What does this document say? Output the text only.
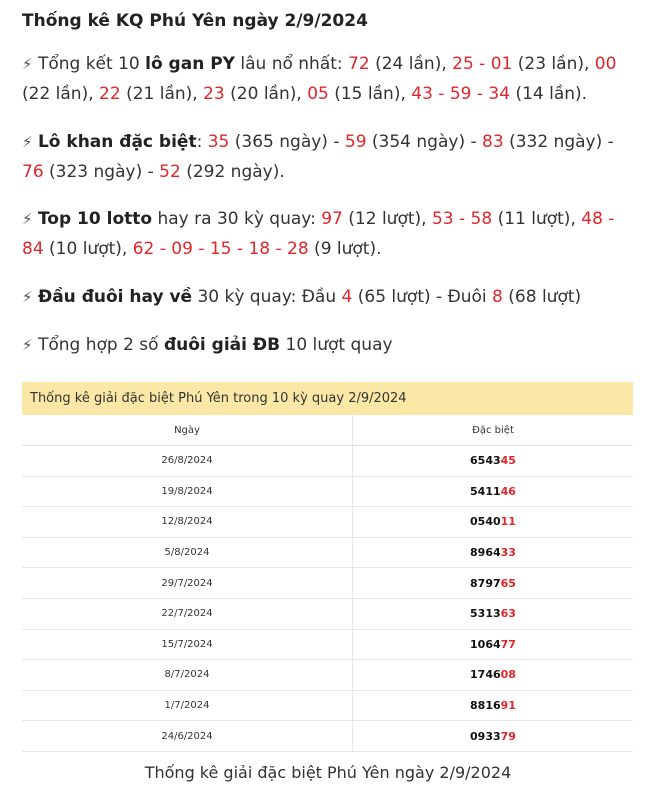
Thống kê KQ Phú Yên ngày 2/9/2024

⚡ Tổng kết 10 lô gan PY lâu nổ nhất: 72 (24 lần), 25 - 01 (23 lần), 00 (22 lần), 22 (21 lần), 23 (20 lần), 05 (15 lần), 43 - 59 - 34 (14 lần).

⚡ Lô khan đặc biệt: 35 (365 ngày) - 59 (354 ngày) - 83 (332 ngày) - 76 (323 ngày) - 52 (292 ngày).

⚡ Top 10 lotto hay ra 30 kỳ quay: 97 (12 lượt), 53 - 58 (11 lượt), 48 - 84 (10 lượt), 62 - 09 - 15 - 18 - 28 (9 lượt).

⚡ Đầu đuôi hay về 30 kỳ quay: Đầu 4 (65 lượt) - Đuôi 8 (68 lượt)

⚡ Tổng hợp 2 số đuôi giải ĐB 10 lượt quay

Thống kê giải đặc biệt Phú Yên trong 10 kỳ quay 2/9/2024
Ngày	Đặc biệt
26/8/2024	654345
19/8/2024	541146
12/8/2024	054011
5/8/2024	896433
29/7/2024	879765
22/7/2024	531363
15/7/2024	106477
8/7/2024	174608
1/7/2024	881691
24/6/2024	093379
Thống kê giải đặc biệt Phú Yên ngày 2/9/2024
